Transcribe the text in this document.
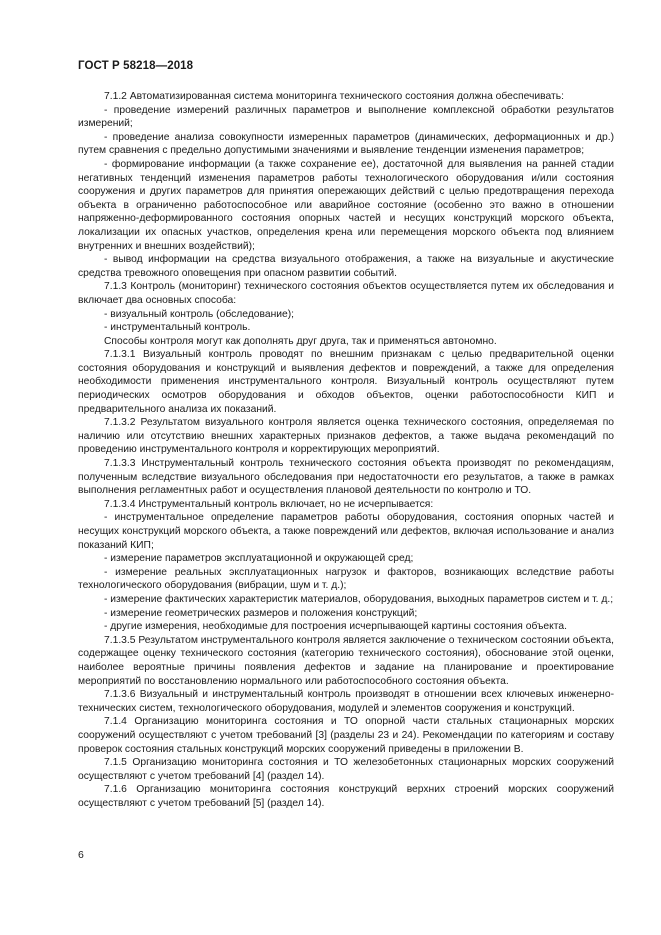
ГОСТ Р 58218—2018

7.1.2 Автоматизированная система мониторинга технического состояния должна обеспечивать:

- проведение измерений различных параметров и выполнение комплексной обработки результатов измерений;

- проведение анализа совокупности измеренных параметров (динамических, деформационных и др.) путем сравнения с предельно допустимыми значениями и выявление тенденции изменения параметров;

- формирование информации (а также сохранение ее), достаточной для выявления на ранней стадии негативных тенденций изменения параметров работы технологического оборудования и/или состояния сооружения и других параметров для принятия опережающих действий с целью предотвращения перехода объекта в ограниченно работоспособное или аварийное состояние (особенно это важно в отношении напряженно-деформированного состояния опорных частей и несущих конструкций морского объекта, локализации их опасных участков, определения крена или перемещения морского объекта под влиянием внутренних и внешних воздействий);

- вывод информации на средства визуального отображения, а также на визуальные и акустические средства тревожного оповещения при опасном развитии событий.

7.1.3 Контроль (мониторинг) технического состояния объектов осуществляется путем их обследования и включает два основных способа:

- визуальный контроль (обследование);

- инструментальный контроль.

Способы контроля могут как дополнять друг друга, так и применяться автономно.

7.1.3.1 Визуальный контроль проводят по внешним признакам с целью предварительной оценки состояния оборудования и конструкций и выявления дефектов и повреждений, а также для определения необходимости применения инструментального контроля. Визуальный контроль осуществляют путем периодических осмотров оборудования и обходов объектов, оценки работоспособности КИП и предварительного анализа их показаний.

7.1.3.2 Результатом визуального контроля является оценка технического состояния, определяемая по наличию или отсутствию внешних характерных признаков дефектов, а также выдача рекомендаций по проведению инструментального контроля и корректирующих мероприятий.

7.1.3.3 Инструментальный контроль технического состояния объекта производят по рекомендациям, полученным вследствие визуального обследования при недостаточности его результатов, а также в рамках выполнения регламентных работ и осуществления плановой деятельности по контролю и ТО.

7.1.3.4 Инструментальный контроль включает, но не исчерпывается:

- инструментальное определение параметров работы оборудования, состояния опорных частей и несущих конструкций морского объекта, а также повреждений или дефектов, включая использование и анализ показаний КИП;

- измерение параметров эксплуатационной и окружающей сред;

- измерение реальных эксплуатационных нагрузок и факторов, возникающих вследствие работы технологического оборудования (вибрации, шум и т. д.);

- измерение фактических характеристик материалов, оборудования, выходных параметров систем и т. д.;

- измерение геометрических размеров и положения конструкций;

- другие измерения, необходимые для построения исчерпывающей картины состояния объекта.

7.1.3.5 Результатом инструментального контроля является заключение о техническом состоянии объекта, содержащее оценку технического состояния (категорию технического состояния), обоснование этой оценки, наиболее вероятные причины появления дефектов и задание на планирование и проектирование мероприятий по восстановлению нормального или работоспособного состояния объекта.

7.1.3.6 Визуальный и инструментальный контроль производят в отношении всех ключевых инженерно-технических систем, технологического оборудования, модулей и элементов сооружения и конструкций.

7.1.4 Организацию мониторинга состояния и ТО опорной части стальных стационарных морских сооружений осуществляют с учетом требований [3] (разделы 23 и 24). Рекомендации по категориям и составу проверок состояния стальных конструкций морских сооружений приведены в приложении В.

7.1.5 Организацию мониторинга состояния и ТО железобетонных стационарных морских сооружений осуществляют с учетом требований [4] (раздел 14).

7.1.6 Организацию мониторинга состояния конструкций верхних строений морских сооружений осуществляют с учетом требований [5] (раздел 14).

6
